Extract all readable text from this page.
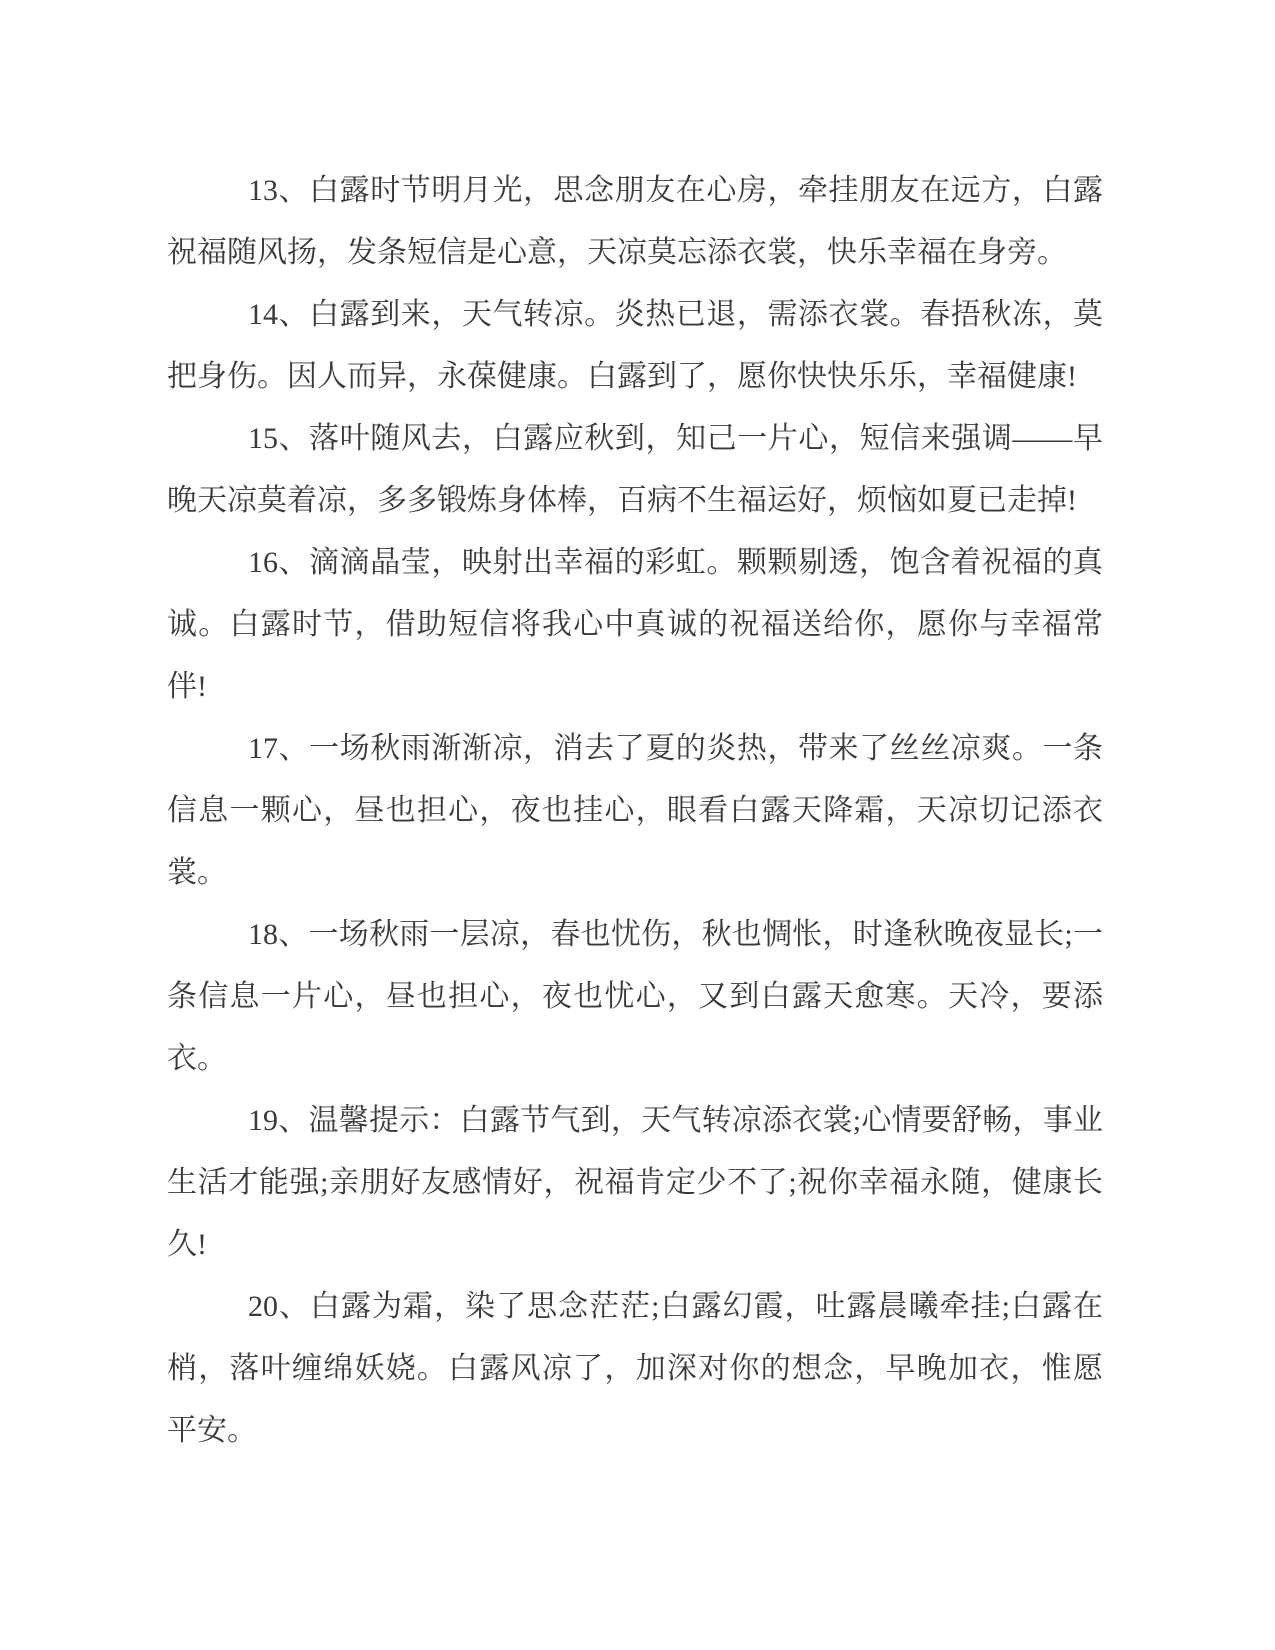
13、白露时节明月光，思念朋友在心房，牵挂朋友在远方，白露
祝福随风扬，发条短信是心意，天凉莫忘添衣裳，快乐幸福在身旁。
14、白露到来，天气转凉。炎热已退，需添衣裳。春捂秋冻，莫
把身伤。因人而异，永葆健康。白露到了，愿你快快乐乐，幸福健康!
15、落叶随风去，白露应秋到，知己一片心，短信来强调——早
晚天凉莫着凉，多多锻炼身体棒，百病不生福运好，烦恼如夏已走掉!
16、滴滴晶莹，映射出幸福的彩虹。颗颗剔透，饱含着祝福的真
诚。白露时节，借助短信将我心中真诚的祝福送给你，愿你与幸福常
伴!
17、一场秋雨渐渐凉，消去了夏的炎热，带来了丝丝凉爽。一条
信息一颗心，昼也担心，夜也挂心，眼看白露天降霜，天凉切记添衣
裳。
18、一场秋雨一层凉，春也忧伤，秋也惆怅，时逢秋晚夜显长;一
条信息一片心，昼也担心，夜也忧心，又到白露天愈寒。天冷，要添
衣。
19、温馨提示：白露节气到，天气转凉添衣裳;心情要舒畅，事业
生活才能强;亲朋好友感情好，祝福肯定少不了;祝你幸福永随，健康长
久!
20、白露为霜，染了思念茫茫;白露幻霞，吐露晨曦牵挂;白露在
梢，落叶缠绵妖娆。白露风凉了，加深对你的想念，早晚加衣，惟愿
平安。
